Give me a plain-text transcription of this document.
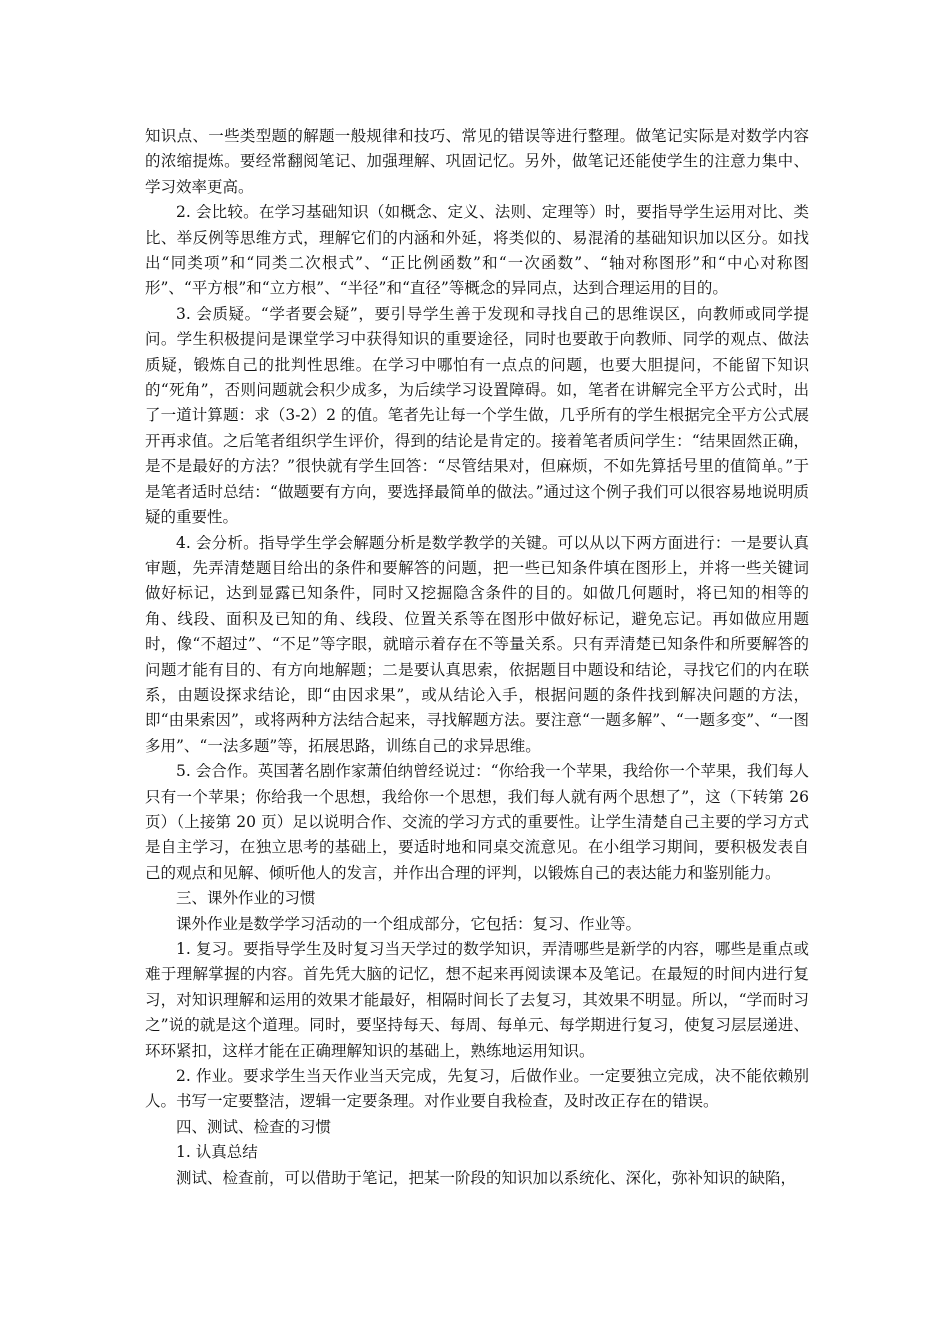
知识点、一些类型题的解题一般规律和技巧、常见的错误等进行整理。做笔记实际是对数学内容的浓缩提炼。要经常翻阅笔记、加强理解、巩固记忆。另外，做笔记还能使学生的注意力集中、学习效率更高。

2. 会比较。在学习基础知识（如概念、定义、法则、定理等）时，要指导学生运用对比、类比、举反例等思维方式，理解它们的内涵和外延，将类似的、易混淆的基础知识加以区分。如找出“同类项”和“同类二次根式”、“正比例函数”和“一次函数”、“轴对称图形”和“中心对称图形”、“平方根”和“立方根”、“半径”和“直径”等概念的异同点，达到合理运用的目的。

3. 会质疑。“学者要会疑”，要引导学生善于发现和寻找自己的思维误区，向教师或同学提问。学生积极提问是课堂学习中获得知识的重要途径，同时也要敢于向教师、同学的观点、做法质疑，锻炼自己的批判性思维。在学习中哪怕有一点点的问题，也要大胆提问，不能留下知识的“死角”，否则问题就会积少成多，为后续学习设置障碍。如，笔者在讲解完全平方公式时，出了一道计算题：求（3-2）2 的值。笔者先让每一个学生做，几乎所有的学生根据完全平方公式展开再求值。之后笔者组织学生评价，得到的结论是肯定的。接着笔者质问学生：“结果固然正确，是不是最好的方法？”很快就有学生回答：“尽管结果对，但麻烦，不如先算括号里的值简单。”于是笔者适时总结：“做题要有方向，要选择最简单的做法。”通过这个例子我们可以很容易地说明质疑的重要性。

4. 会分析。指导学生学会解题分析是数学教学的关键。可以从以下两方面进行：一是要认真审题，先弄清楚题目给出的条件和要解答的问题，把一些已知条件填在图形上，并将一些关键词做好标记，达到显露已知条件，同时又挖掘隐含条件的目的。如做几何题时，将已知的相等的角、线段、面积及已知的角、线段、位置关系等在图形中做好标记，避免忘记。再如做应用题时，像“不超过”、“不足”等字眼，就暗示着存在不等量关系。只有弄清楚已知条件和所要解答的问题才能有目的、有方向地解题；二是要认真思索，依据题目中题设和结论，寻找它们的内在联系，由题设探求结论，即“由因求果”，或从结论入手，根据问题的条件找到解决问题的方法，即“由果索因”，或将两种方法结合起来，寻找解题方法。要注意“一题多解”、“一题多变”、“一图多用”、“一法多题”等，拓展思路，训练自己的求异思维。

5. 会合作。英国著名剧作家萧伯纳曾经说过：“你给我一个苹果，我给你一个苹果，我们每人只有一个苹果；你给我一个思想，我给你一个思想，我们每人就有两个思想了”，这（下转第 26 页）（上接第 20 页）足以说明合作、交流的学习方式的重要性。让学生清楚自己主要的学习方式是自主学习，在独立思考的基础上，要适时地和同桌交流意见。在小组学习期间，要积极发表自己的观点和见解、倾听他人的发言，并作出合理的评判，以锻炼自己的表达能力和鉴别能力。

三、课外作业的习惯

课外作业是数学学习活动的一个组成部分，它包括：复习、作业等。

1. 复习。要指导学生及时复习当天学过的数学知识，弄清哪些是新学的内容，哪些是重点或难于理解掌握的内容。首先凭大脑的记忆，想不起来再阅读课本及笔记。在最短的时间内进行复习，对知识理解和运用的效果才能最好，相隔时间长了去复习，其效果不明显。所以，“学而时习之”说的就是这个道理。同时，要坚持每天、每周、每单元、每学期进行复习，使复习层层递进、环环紧扣，这样才能在正确理解知识的基础上，熟练地运用知识。

2. 作业。要求学生当天作业当天完成，先复习，后做作业。一定要独立完成，决不能依赖别人。书写一定要整洁，逻辑一定要条理。对作业要自我检查，及时改正存在的错误。

四、测试、检查的习惯

1. 认真总结

测试、检查前，可以借助于笔记，把某一阶段的知识加以系统化、深化，弥补知识的缺陷，
